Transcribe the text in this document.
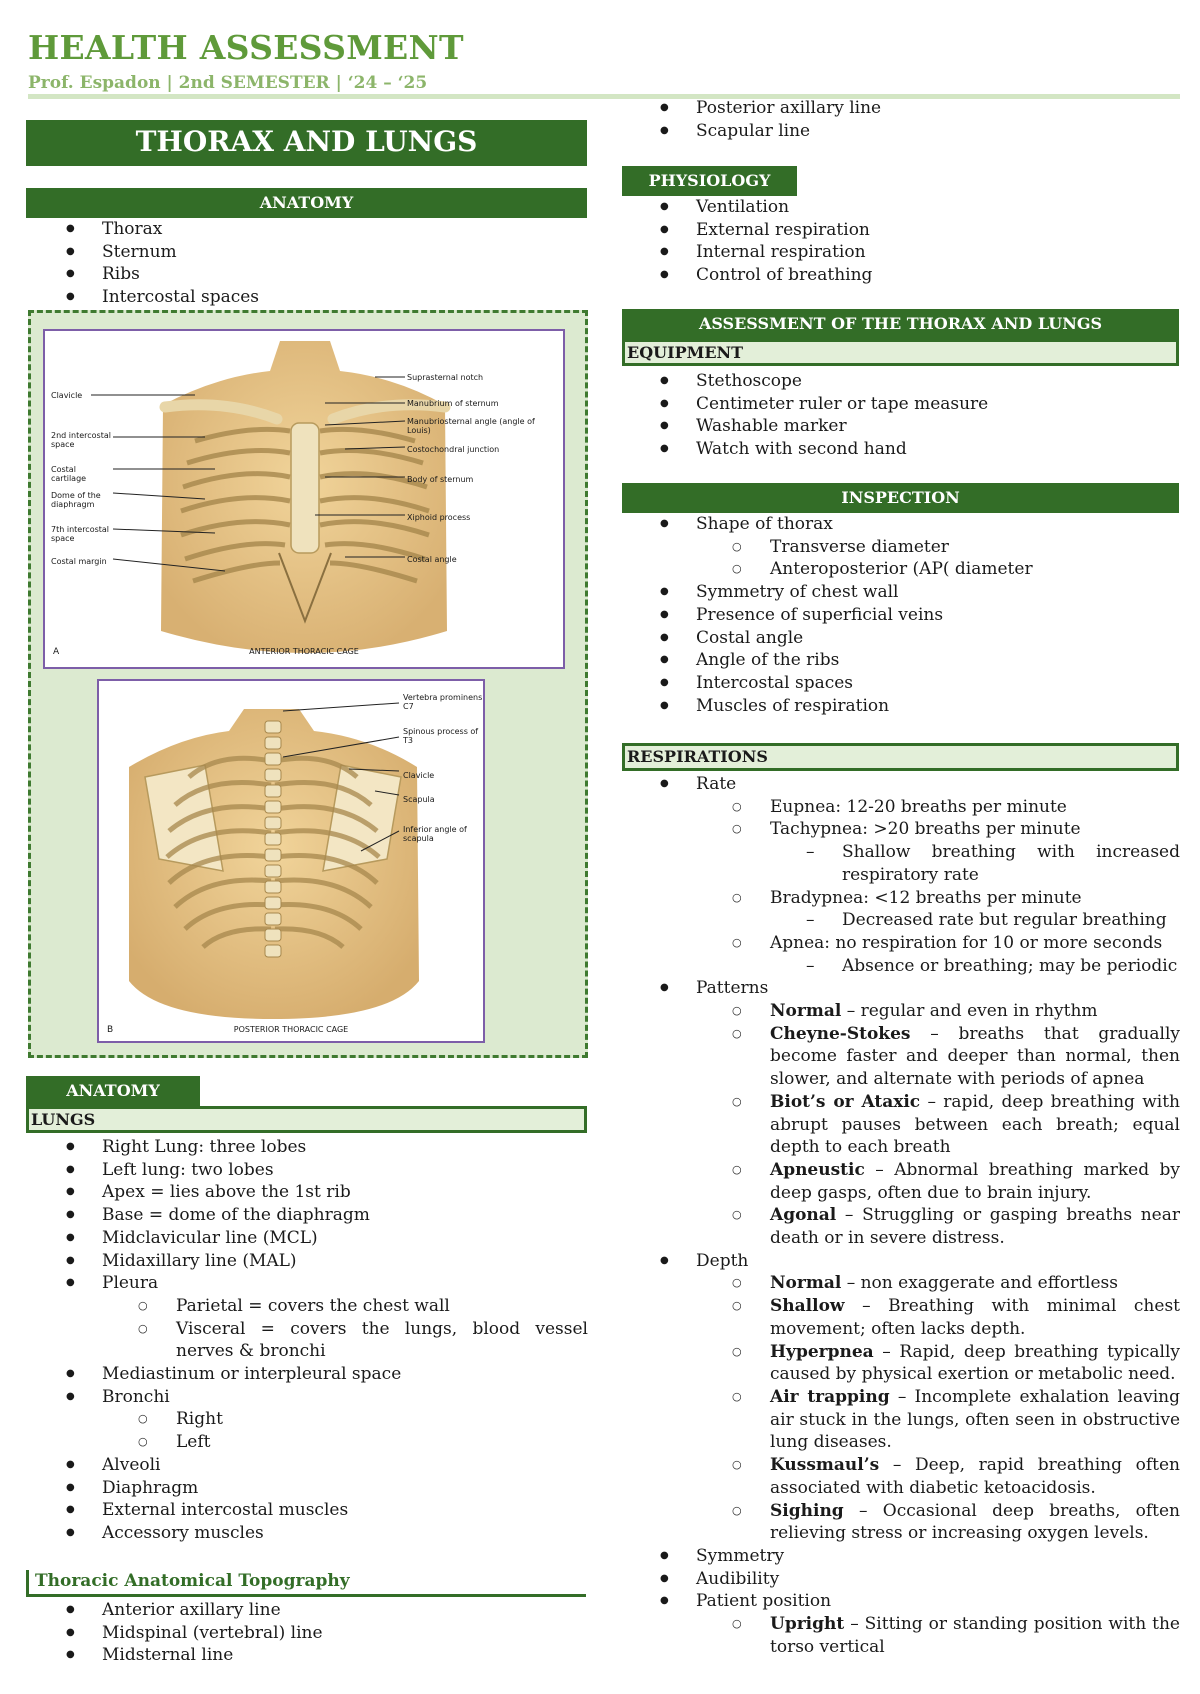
HEALTH ASSESSMENT
Prof. Espadon | 2nd SEMESTER | ‘24 – ‘25
THORAX AND LUNGS
ANATOMY
● Thorax
● Sternum
● Ribs
● Intercostal spaces
Clavicle
2nd intercostal space
Costal cartilage
Dome of the diaphragm
7th intercostal space
Costal margin
Suprasternal notch
Manubrium of sternum
Manubriosternal angle (angle of Louis)
Costochondral junction
Body of sternum
Xiphoid process
Costal angle
A	ANTERIOR THORACIC CAGE
Vertebra prominens C7
Spinous process of T3
Clavicle
Scapula
Inferior angle of scapula
B	POSTERIOR THORACIC CAGE
ANATOMY
LUNGS
● Right Lung: three lobes
● Left lung: two lobes
● Apex = lies above the 1st rib
● Base = dome of the diaphragm
● Midclavicular line (MCL)
● Midaxillary line (MAL)
● Pleura
○ Parietal = covers the chest wall
○ Visceral = covers the lungs, blood vessel nerves & bronchi
● Mediastinum or interpleural space
● Bronchi
○ Right
○ Left
● Alveoli
● Diaphragm
● External intercostal muscles
● Accessory muscles
Thoracic Anatomical Topography
● Anterior axillary line
● Midspinal (vertebral) line
● Midsternal line
● Posterior axillary line
● Scapular line
PHYSIOLOGY
● Ventilation
● External respiration
● Internal respiration
● Control of breathing
ASSESSMENT OF THE THORAX AND LUNGS
EQUIPMENT
● Stethoscope
● Centimeter ruler or tape measure
● Washable marker
● Watch with second hand
INSPECTION
● Shape of thorax
○ Transverse diameter
○ Anteroposterior (AP( diameter
● Symmetry of chest wall
● Presence of superficial veins
● Costal angle
● Angle of the ribs
● Intercostal spaces
● Muscles of respiration
RESPIRATIONS
● Rate
○ Eupnea: 12-20 breaths per minute
○ Tachypnea: >20 breaths per minute
– Shallow breathing with increased respiratory rate
○ Bradypnea: <12 breaths per minute
– Decreased rate but regular breathing
○ Apnea: no respiration for 10 or more seconds
– Absence or breathing; may be periodic
● Patterns
○ Normal – regular and even in rhythm
○ Cheyne-Stokes – breaths that gradually become faster and deeper than normal, then slower, and alternate with periods of apnea
○ Biot’s or Ataxic – rapid, deep breathing with abrupt pauses between each breath; equal depth to each breath
○ Apneustic – Abnormal breathing marked by deep gasps, often due to brain injury.
○ Agonal – Struggling or gasping breaths near death or in severe distress.
● Depth
○ Normal – non exaggerate and effortless
○ Shallow – Breathing with minimal chest movement; often lacks depth.
○ Hyperpnea – Rapid, deep breathing typically caused by physical exertion or metabolic need.
○ Air trapping – Incomplete exhalation leaving air stuck in the lungs, often seen in obstructive lung diseases.
○ Kussmaul’s – Deep, rapid breathing often associated with diabetic ketoacidosis.
○ Sighing – Occasional deep breaths, often relieving stress or increasing oxygen levels.
● Symmetry
● Audibility
● Patient position
○ Upright – Sitting or standing position with the torso vertical
